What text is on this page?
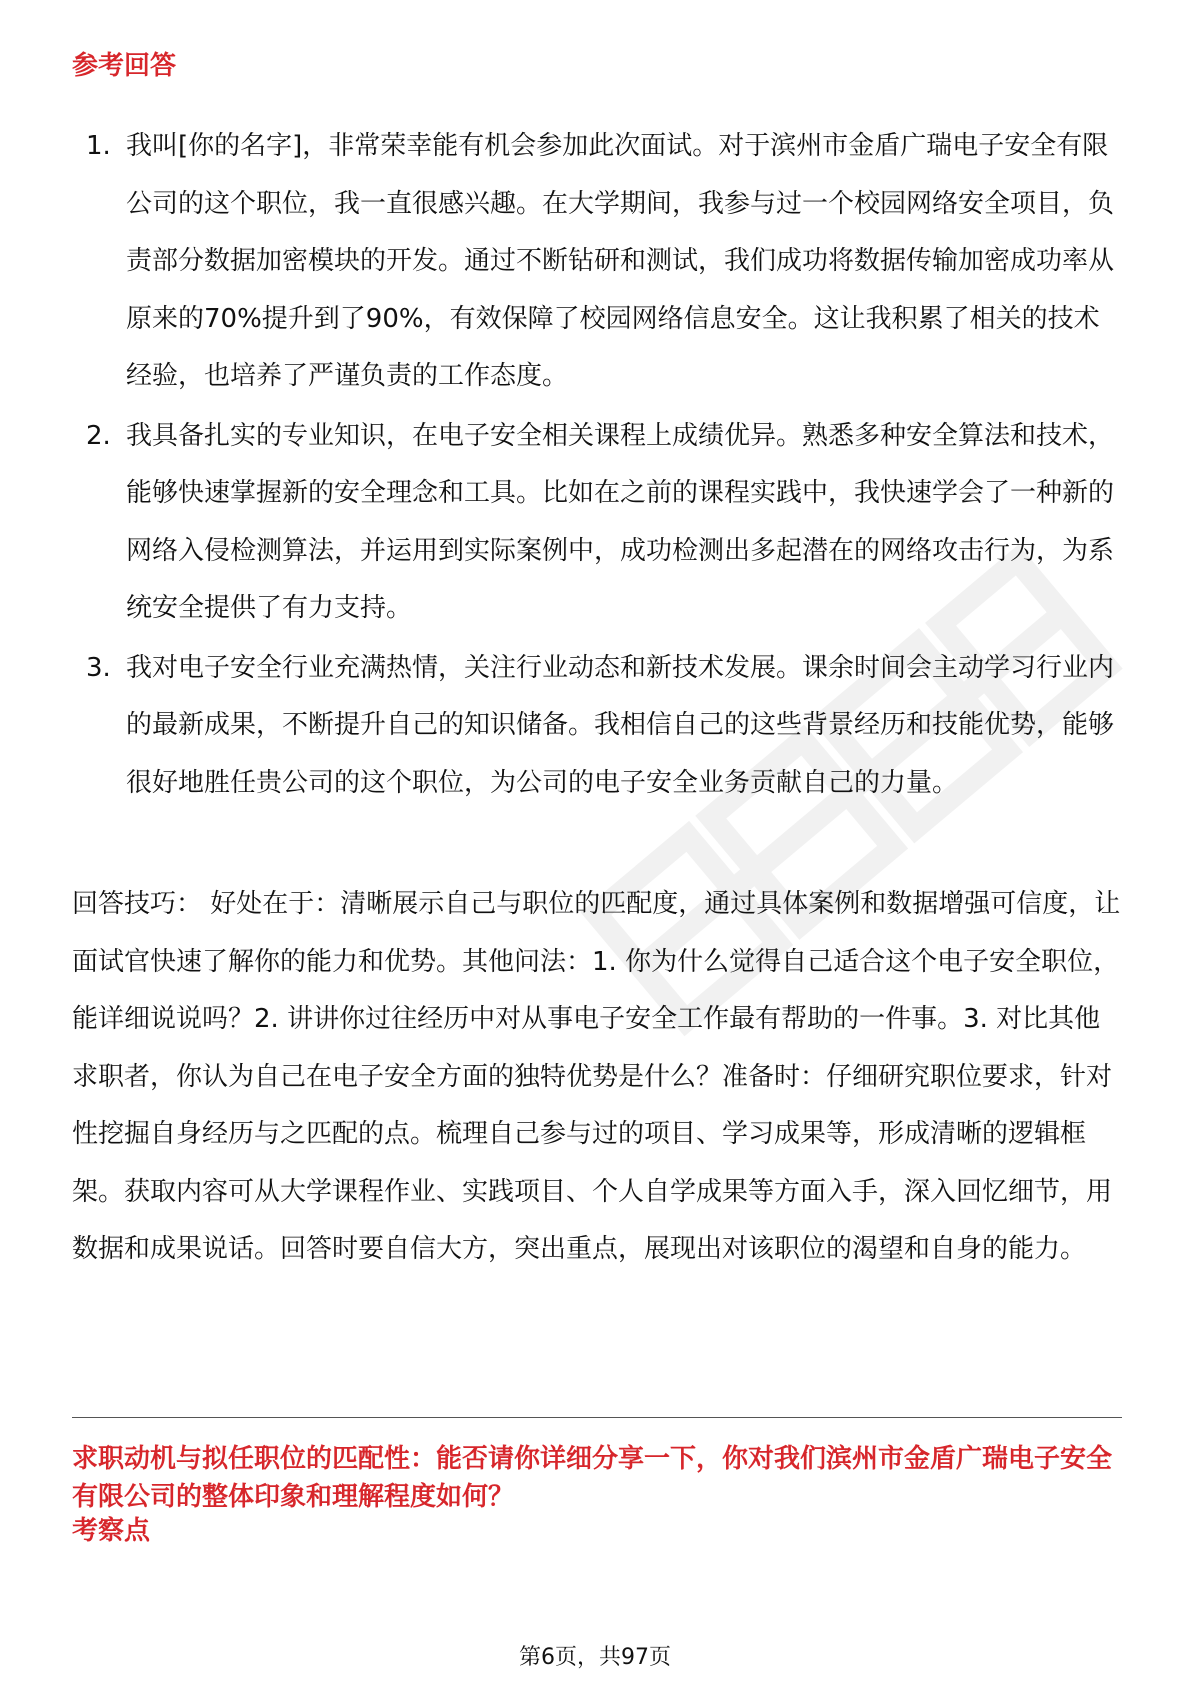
参考回答
1. 我叫[你的名字]，非常荣幸能有机会参加此次面试。对于滨州市金盾广瑞电子安全有限公司的这个职位，我一直很感兴趣。在大学期间，我参与过一个校园网络安全项目，负责部分数据加密模块的开发。通过不断钻研和测试，我们成功将数据传输加密成功率从原来的70%提升到了90%，有效保障了校园网络信息安全。这让我积累了相关的技术经验，也培养了严谨负责的工作态度。
2. 我具备扎实的专业知识，在电子安全相关课程上成绩优异。熟悉多种安全算法和技术，能够快速掌握新的安全理念和工具。比如在之前的课程实践中，我快速学会了一种新的网络入侵检测算法，并运用到实际案例中，成功检测出多起潜在的网络攻击行为，为系统安全提供了有力支持。
3. 我对电子安全行业充满热情，关注行业动态和新技术发展。课余时间会主动学习行业内的最新成果，不断提升自己的知识储备。我相信自己的这些背景经历和技能优势，能够很好地胜任贵公司的这个职位，为公司的电子安全业务贡献自己的力量。

回答技巧： 好处在于：清晰展示自己与职位的匹配度，通过具体案例和数据增强可信度，让面试官快速了解你的能力和优势。其他问法：1. 你为什么觉得自己适合这个电子安全职位，能详细说说吗？2. 讲讲你过往经历中对从事电子安全工作最有帮助的一件事。3. 对比其他求职者，你认为自己在电子安全方面的独特优势是什么？准备时：仔细研究职位要求，针对性挖掘自身经历与之匹配的点。梳理自己参与过的项目、学习成果等，形成清晰的逻辑框架。获取内容可从大学课程作业、实践项目、个人自学成果等方面入手，深入回忆细节，用数据和成果说话。回答时要自信大方，突出重点，展现出对该职位的渴望和自身的能力。

求职动机与拟任职位的匹配性：能否请你详细分享一下，你对我们滨州市金盾广瑞电子安全有限公司的整体印象和理解程度如何？
考察点
第6页，共97页
